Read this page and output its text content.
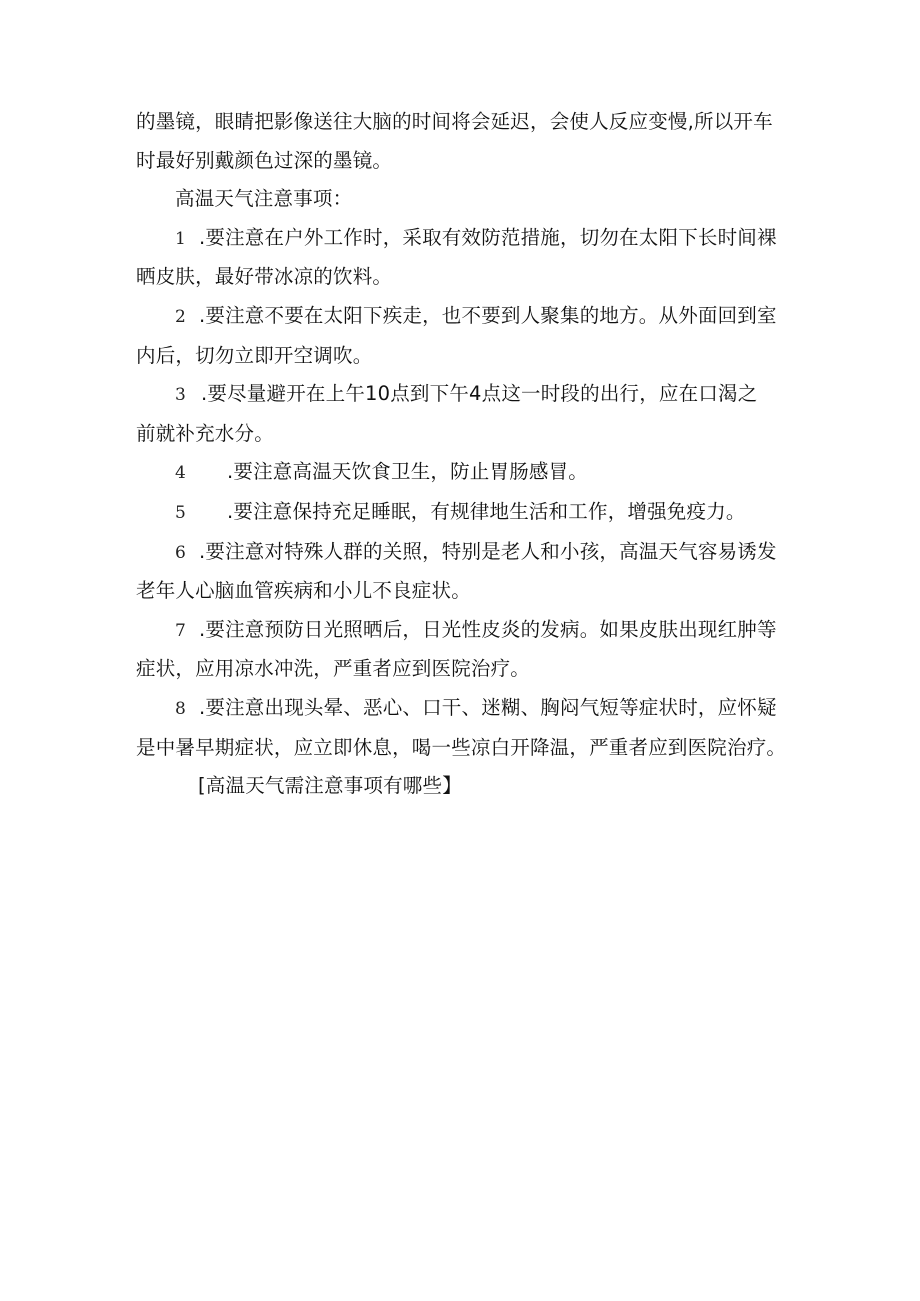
的墨镜，眼睛把影像送往大脑的时间将会延迟，会使人反应变慢,所以开车

时最好别戴颜色过深的墨镜。

高温天气注意事项：

1 .要注意在户外工作时，采取有效防范措施，切勿在太阳下长时间裸

晒皮肤，最好带冰凉的饮料。

2 .要注意不要在太阳下疾走，也不要到人聚集的地方。从外面回到室

内后，切勿立即开空调吹。

3 .要尽量避开在上午10点到下午4点这一时段的出行，应在口渴之

前就补充水分。

4 .要注意高温天饮食卫生，防止胃肠感冒。

5 .要注意保持充足睡眠，有规律地生活和工作，增强免疫力。

6 .要注意对特殊人群的关照，特别是老人和小孩，高温天气容易诱发

老年人心脑血管疾病和小儿不良症状。

7 .要注意预防日光照晒后，日光性皮炎的发病。如果皮肤出现红肿等

症状，应用凉水冲洗，严重者应到医院治疗。

8 .要注意出现头晕、恶心、口干、迷糊、胸闷气短等症状时，应怀疑

是中暑早期症状，应立即休息，喝一些凉白开降温，严重者应到医院治疗。

[高温天气需注意事项有哪些】
